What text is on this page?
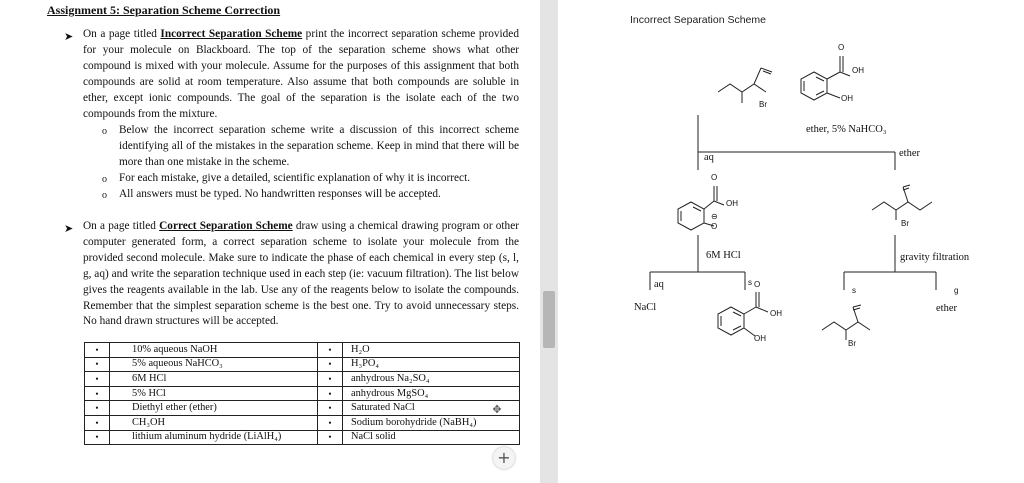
Assignment 5: Separation Scheme Correction
➤ On a page titled Incorrect Separation Scheme print the incorrect separation scheme provided for your molecule on Blackboard. The top of the separation scheme shows what other compound is mixed with your molecule. Assume for the purposes of this assignment that both compounds are solid at room temperature. Also assume that both compounds are soluble in ether, except ionic compounds. The goal of the separation is the isolate each of the two compounds from the mixture.
o Below the incorrect separation scheme write a discussion of this incorrect scheme identifying all of the mistakes in the separation scheme. Keep in mind that there will be more than one mistake in the scheme.
o For each mistake, give a detailed, scientific explanation of why it is incorrect.
o All answers must be typed. No handwritten responses will be accepted.
➤ On a page titled Correct Separation Scheme draw using a chemical drawing program or other computer generated form, a correct separation scheme to isolate your molecule from the provided second molecule. Make sure to indicate the phase of each chemical in every step (s, l, g, aq) and write the separation technique used in each step (ie: vacuum filtration). The list below gives the reagents available in the lab. Use any of the reagents below to isolate the compounds. Remember that the simplest separation scheme is the best one. Try to avoid unnecessary steps. No hand drawn structures will be accepted.
•	10% aqueous NaOH	•	H₂O
•	5% aqueous NaHCO₃	•	H₃PO₄
•	6M HCl	•	anhydrous Na₂SO₄
•	5% HCl	•	anhydrous MgSO₄
•	Diethyl ether (ether)	•	Saturated NaCl
•	CH₃OH	•	Sodium borohydride (NaBH₄)
•	lithium aluminum hydride (LiAlH₄)	•	NaCl solid
✥
+
Incorrect Separation Scheme
Br
O
OH
OH
ether, 5% NaHCO₃
aq	ether
O
OH
⊖
O	Br
6M HCl	gravity filtration
aq
NaCl
s
s	g
ether
O
OH
OH
Br
